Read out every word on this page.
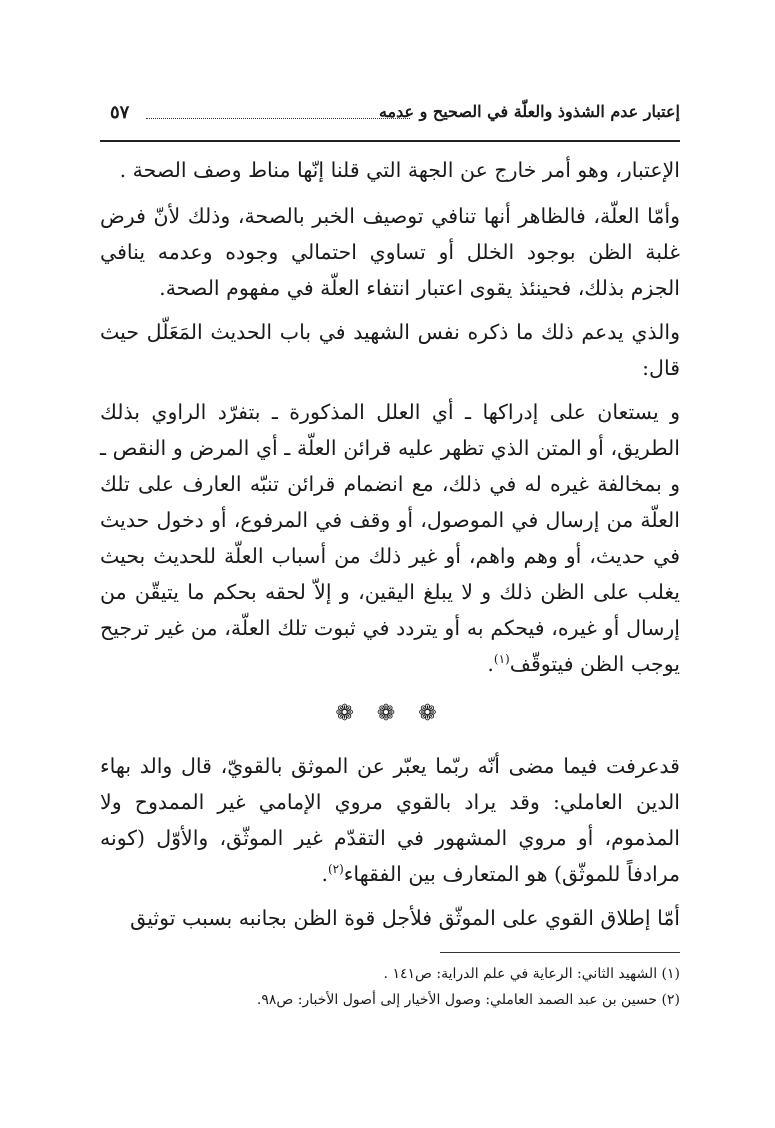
إعتبار عدم الشذوذ والعلّة في الصحيح و عدمه
٥٧

الإعتبار، وهو أمر خارج عن الجهة التي قلنا إنّها مناط وصف الصحة .

وأمّا العلّة، فالظاهر أنها تنافي توصيف الخبر بالصحة، وذلك لأنّ فرض غلبة الظن بوجود الخلل أو تساوي احتمالي وجوده وعدمه ينافي الجزم بذلك، فحينئذ يقوى اعتبار انتفاء العلّة في مفهوم الصحة.

والذي يدعم ذلك ما ذكره نفس الشهيد في باب الحديث المَعَلّل حيث قال:

و يستعان على إدراكها ـ أي العلل المذكورة ـ بتفرّد الراوي بذلك الطريق، أو المتن الذي تظهر عليه قرائن العلّة ـ أي المرض و النقص ـ و بمخالفة غيره له في ذلك، مع انضمام قرائن تنبّه العارف على تلك العلّة من إرسال في الموصول، أو وقف في المرفوع، أو دخول حديث في حديث، أو وهم واهم، أو غير ذلك من أسباب العلّة للحديث بحيث يغلب على الظن ذلك و لا يبلغ اليقين، و إلاّ لحقه بحكم ما يتيقّن من إرسال أو غيره، فيحكم به أو يتردد في ثبوت تلك العلّة، من غير ترجيح يوجب الظن فيتوقّف$^{(١)}$.

❁ ❁ ❁

قدعرفت فيما مضى أنّه ربّما يعبّر عن الموثق بالقويّ، قال والد بهاء الدين العاملي: وقد يراد بالقوي مروي الإمامي غير الممدوح ولا المذموم، أو مروي المشهور في التقدّم غير الموثّق، والأوّل (كونه مرادفاً للموثّق) هو المتعارف بين الفقهاء$^{(٢)}$.

أمّا إطلاق القوي على الموثّق فلأجل قوة الظن بجانبه بسبب توثيق

(١) الشهيد الثاني: الرعاية في علم الدراية: ص١٤١ .

(٢) حسين بن عبد الصمد العاملي: وصول الأخيار إلى أصول الأخبار: ص٩٨.
